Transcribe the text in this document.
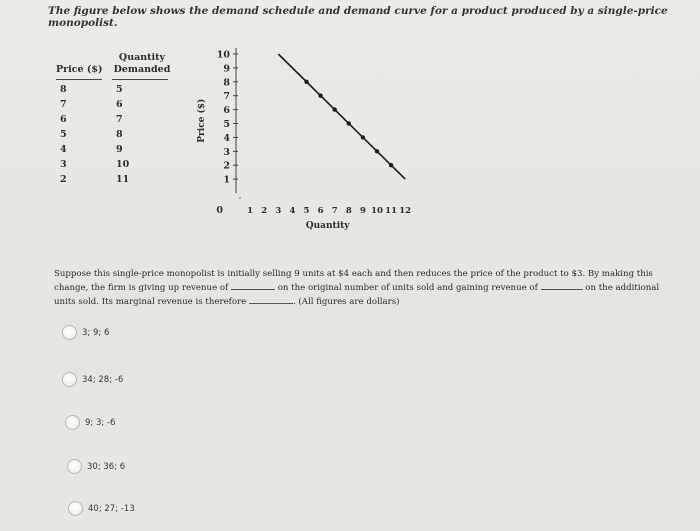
The figure below shows the demand schedule and demand curve for a product produced by a single-price monopolist.
Quantity
Demanded
Price ($)
8	5
7	6
6	7
5	8
4	9
3	10
2	11	1
2
3
4
5
6
7
8
9
10
0	1 2 3 4 5 6 7 8 9 10 11 12
Quantity
Price ($)
Suppose this single-price monopolist is initially selling 9 units at $4 each and then reduces the price of the product to $3. By making this change, the firm is giving up revenue of	on the original number of units sold and gaining revenue of	on the additional units sold. Its marginal revenue is therefore	. (All figures are dollars)
3; 9; 6
34; 28; -6
9; 3; -6
30; 36; 6
40; 27; -13
